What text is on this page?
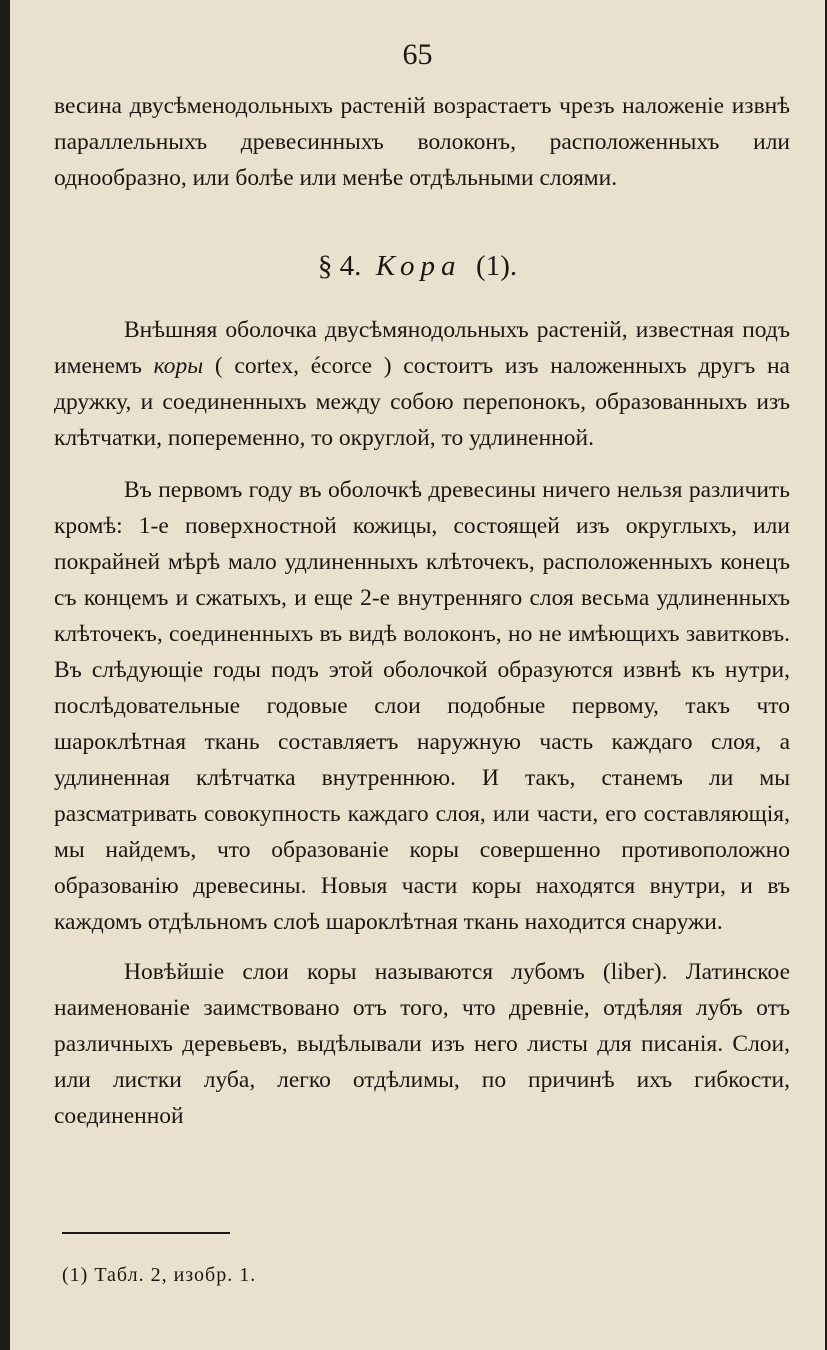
65

весина двусѣменодольныхъ растенiй возрастаетъ чрезъ наложенiе извнѣ параллельныхъ древесинныхъ волоконъ, расположенныхъ или однообразно, или болѣе или менѣе отдѣльными слоями.

§ 4. Кора (1).

Внѣшняя оболочка двусѣмянодольныхъ растенiй, известная подъ именемъ коры ( cortex, écorce ) состоитъ изъ наложенныхъ другъ на дружку, и соединенныхъ между собою перепонокъ, образованныхъ изъ клѣтчатки, попеременно, то округлой, то удлиненной.

Въ первомъ году въ оболочкѣ древесины ничего нельзя различить кромѣ: 1-е поверхностной кожицы, состоящей изъ округлыхъ, или покрайней мѣрѣ мало удлиненныхъ клѣточекъ, расположенныхъ конецъ съ концемъ и сжатыхъ, и еще 2-е внутренняго слоя весьма удлиненныхъ клѣточекъ, соединенныхъ въ видѣ волоконъ, но не имѣющихъ завитковъ. Въ слѣдующiе годы подъ этой оболочкой образуются извнѣ къ нутри, послѣдовательные годовые слои подобные первому, такъ что шароклѣтная ткань составляетъ наружную часть каждаго слоя, а удлиненная клѣтчатка внутреннюю. И такъ, станемъ ли мы разсматривать совокупность каждаго слоя, или части, его составляющiя, мы найдемъ, что образованiе коры совершенно противоположно образованiю древесины. Новыя части коры находятся внутри, и въ каждомъ отдѣльномъ слоѣ шароклѣтная ткань находится снаружи.

Новѣйшiе слои коры называются лубомъ (liber). Латинское наименованiе заимствовано отъ того, что древнiе, отдѣляя лубъ отъ различныхъ деревьевъ, выдѣлывали изъ него листы для писанiя. Слои, или листки луба, легко отдѣлимы, по причинѣ ихъ гибкости, соединенной

(1) Табл. 2, изобр. 1.
